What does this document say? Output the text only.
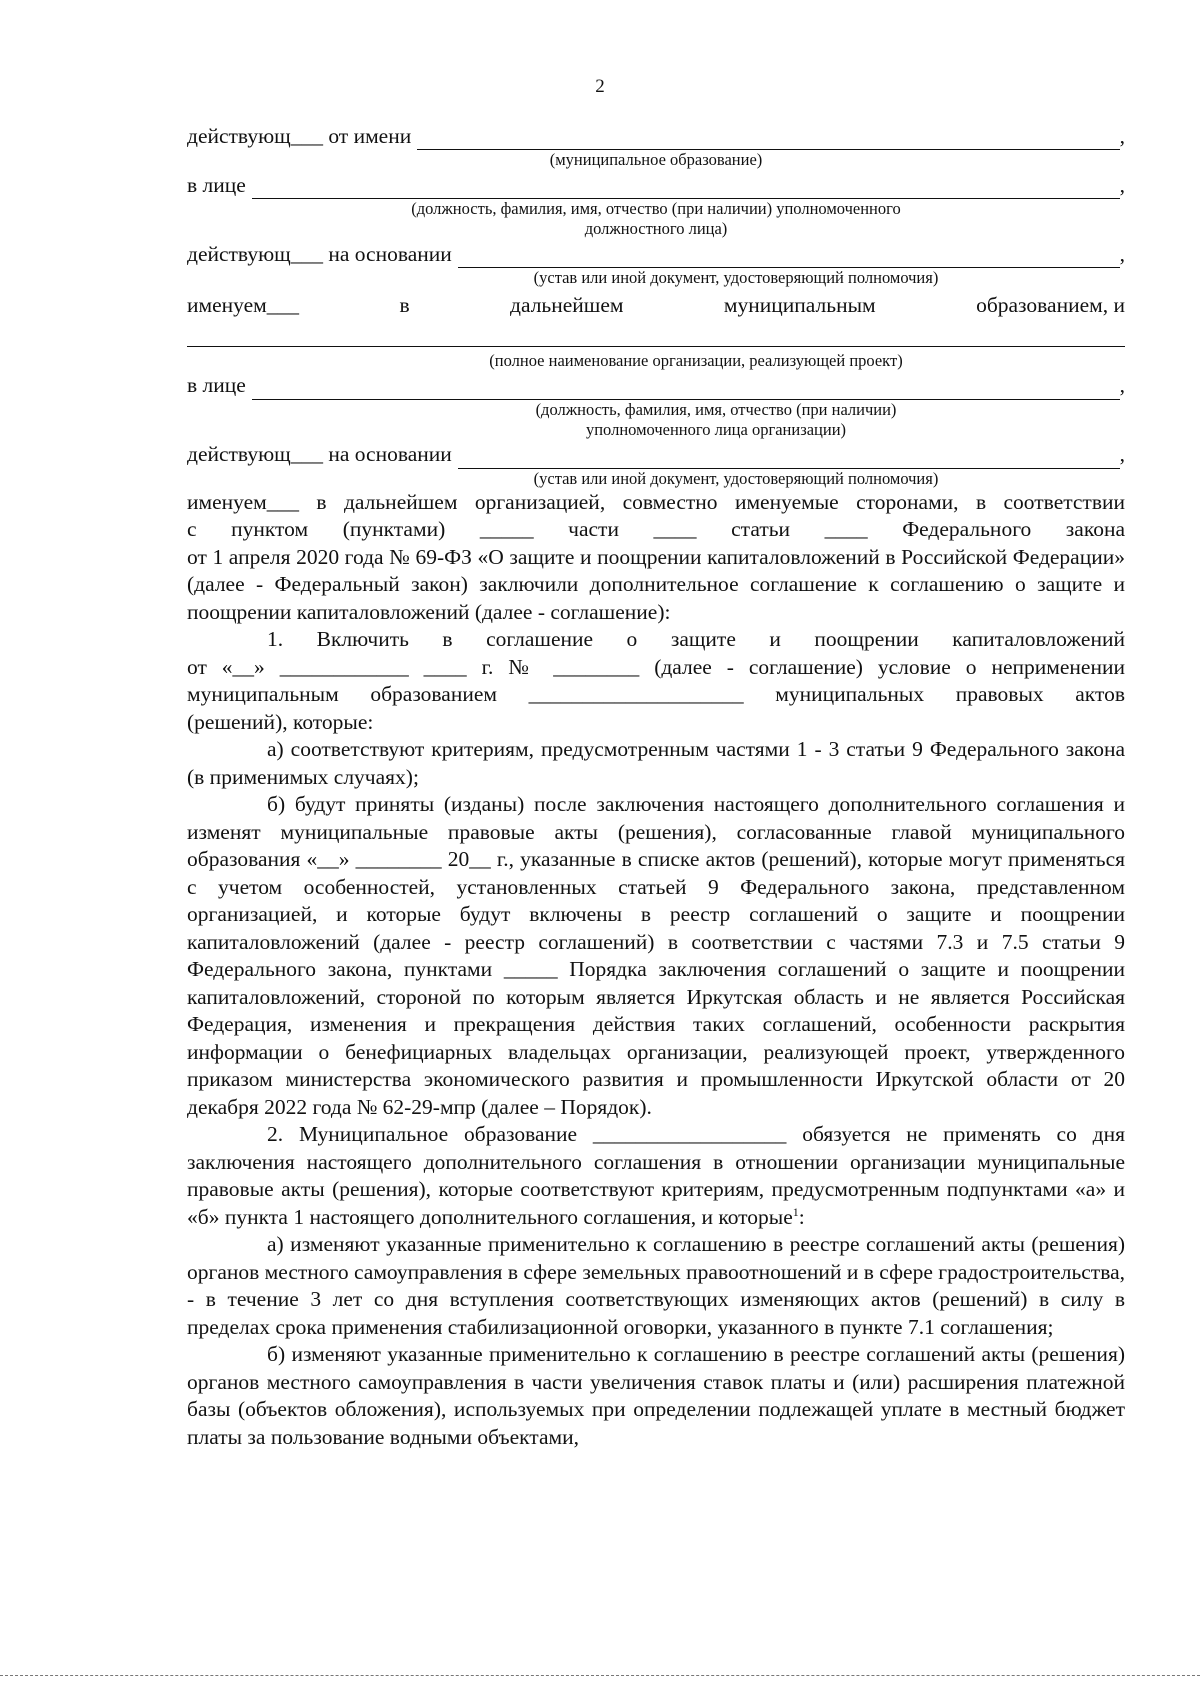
2
действующ___ от имени	,
(муниципальное образование)
в лице	,
(должность, фамилия, имя, отчество (при наличии) уполномоченного
должностного лица)
действующ___ на основании	,
(устав или иной документ, удостоверяющий полномочия)
именуем___	в	дальнейшем	муниципальным	образованием, и
(полное наименование организации, реализующей проект)
в лице	,
(должность, фамилия, имя, отчество (при наличии)
уполномоченного лица организации)
действующ___ на основании	,
(устав или иной документ, удостоверяющий полномочия)
именуем___ в дальнейшем организацией, совместно именуемые сторонами, в соответствии
с пунктом (пунктами) _____ части ____ статьи ____ Федерального закона

от 1 апреля 2020 года № 69-ФЗ «О защите и поощрении капиталовложений в Российской Федерации» (далее - Федеральный закон) заключили дополнительное соглашение к соглашению о защите и поощрении капиталовложений (далее - соглашение):

1. Включить в соглашение о защите и поощрении капиталовложений
от «__» ____________ ____ г. № ________ (далее - соглашение) условие о неприменении
муниципальным образованием ____________________ муниципальных правовых актов
(решений), которые:

а) соответствуют критериям, предусмотренным частями 1 - 3 статьи 9 Федерального закона (в применимых случаях);

б) будут приняты (изданы) после заключения настоящего дополнительного соглашения и изменят муниципальные правовые акты (решения), согласованные главой муниципального образования «__» ________ 20__ г., указанные в списке актов (решений), которые могут применяться с учетом особенностей, установленных статьей 9 Федерального закона, представленном организацией, и которые будут включены в реестр соглашений о защите и поощрении капиталовложений (далее - реестр соглашений) в соответствии с частями 7.3 и 7.5 статьи 9 Федерального закона, пунктами _____ Порядка заключения соглашений о защите и поощрении капиталовложений, стороной по которым является Иркутская область и не является Российская Федерация, изменения и прекращения действия таких соглашений, особенности раскрытия информации о бенефициарных владельцах организации, реализующей проект, утвержденного приказом министерства экономического развития и промышленности Иркутской области от 20 декабря 2022 года № 62-29-мпр (далее – Порядок).

2. Муниципальное образование __________________ обязуется не применять со дня заключения настоящего дополнительного соглашения в отношении организации муниципальные правовые акты (решения), которые соответствуют критериям, предусмотренным подпунктами «а» и «б» пункта 1 настоящего дополнительного соглашения, и которые$^1$:

а) изменяют указанные применительно к соглашению в реестре соглашений акты (решения) органов местного самоуправления в сфере земельных правоотношений и в сфере градостроительства, - в течение 3 лет со дня вступления соответствующих изменяющих актов (решений) в силу в пределах срока применения стабилизационной оговорки, указанного в пункте 7.1 соглашения;

б) изменяют указанные применительно к соглашению в реестре соглашений акты (решения) органов местного самоуправления в части увеличения ставок платы и (или) расширения платежной базы (объектов обложения), используемых при определении подлежащей уплате в местный бюджет платы за пользование водными объектами,
